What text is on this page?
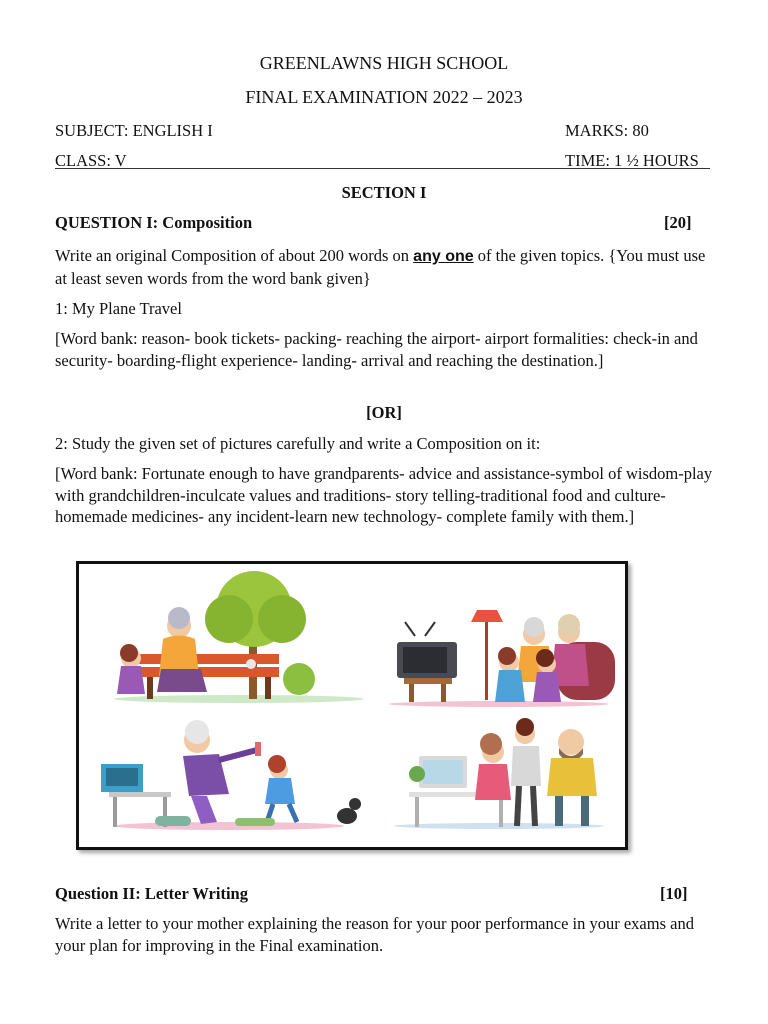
GREENLAWNS HIGH SCHOOL
FINAL EXAMINATION 2022 – 2023
SUBJECT: ENGLISH I	MARKS: 80
CLASS: V	TIME: 1 ½ HOURS
SECTION I
QUESTION I: Composition	[20]
Write an original Composition of about 200 words on any one of the given topics. {You must use at least seven words from the word bank given}
1: My Plane Travel
[Word bank: reason- book tickets- packing- reaching the airport- airport formalities: check-in and security- boarding-flight experience- landing- arrival and reaching the destination.]
[OR]
2: Study the given set of pictures carefully and write a Composition on it:
[Word bank: Fortunate enough to have grandparents- advice and assistance-symbol of wisdom-play with grandchildren-inculcate values and traditions- story telling-traditional food and culture- homemade medicines- any incident-learn new technology- complete family with them.]
Question II: Letter Writing	[10]
Write a letter to your mother explaining the reason for your poor performance in your exams and your plan for improving in the Final examination.
